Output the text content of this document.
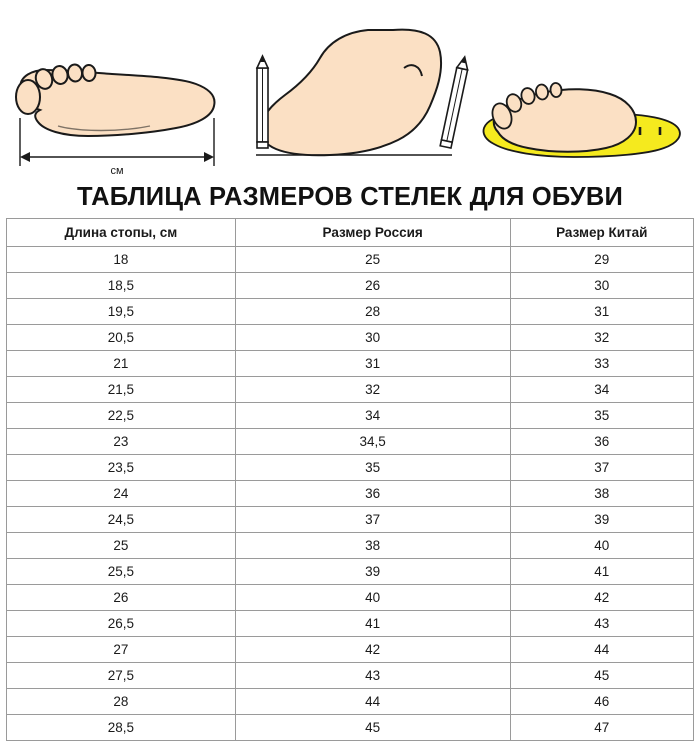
см
ТАБЛИЦА РАЗМЕРОВ СТЕЛЕК ДЛЯ ОБУВИ
Длина стопы, см	Размер Россия	Размер Китай
18	25	29
18,5	26	30
19,5	28	31
20,5	30	32
21	31	33
21,5	32	34
22,5	34	35
23	34,5	36
23,5	35	37
24	36	38
24,5	37	39
25	38	40
25,5	39	41
26	40	42
26,5	41	43
27	42	44
27,5	43	45
28	44	46
28,5	45	47
